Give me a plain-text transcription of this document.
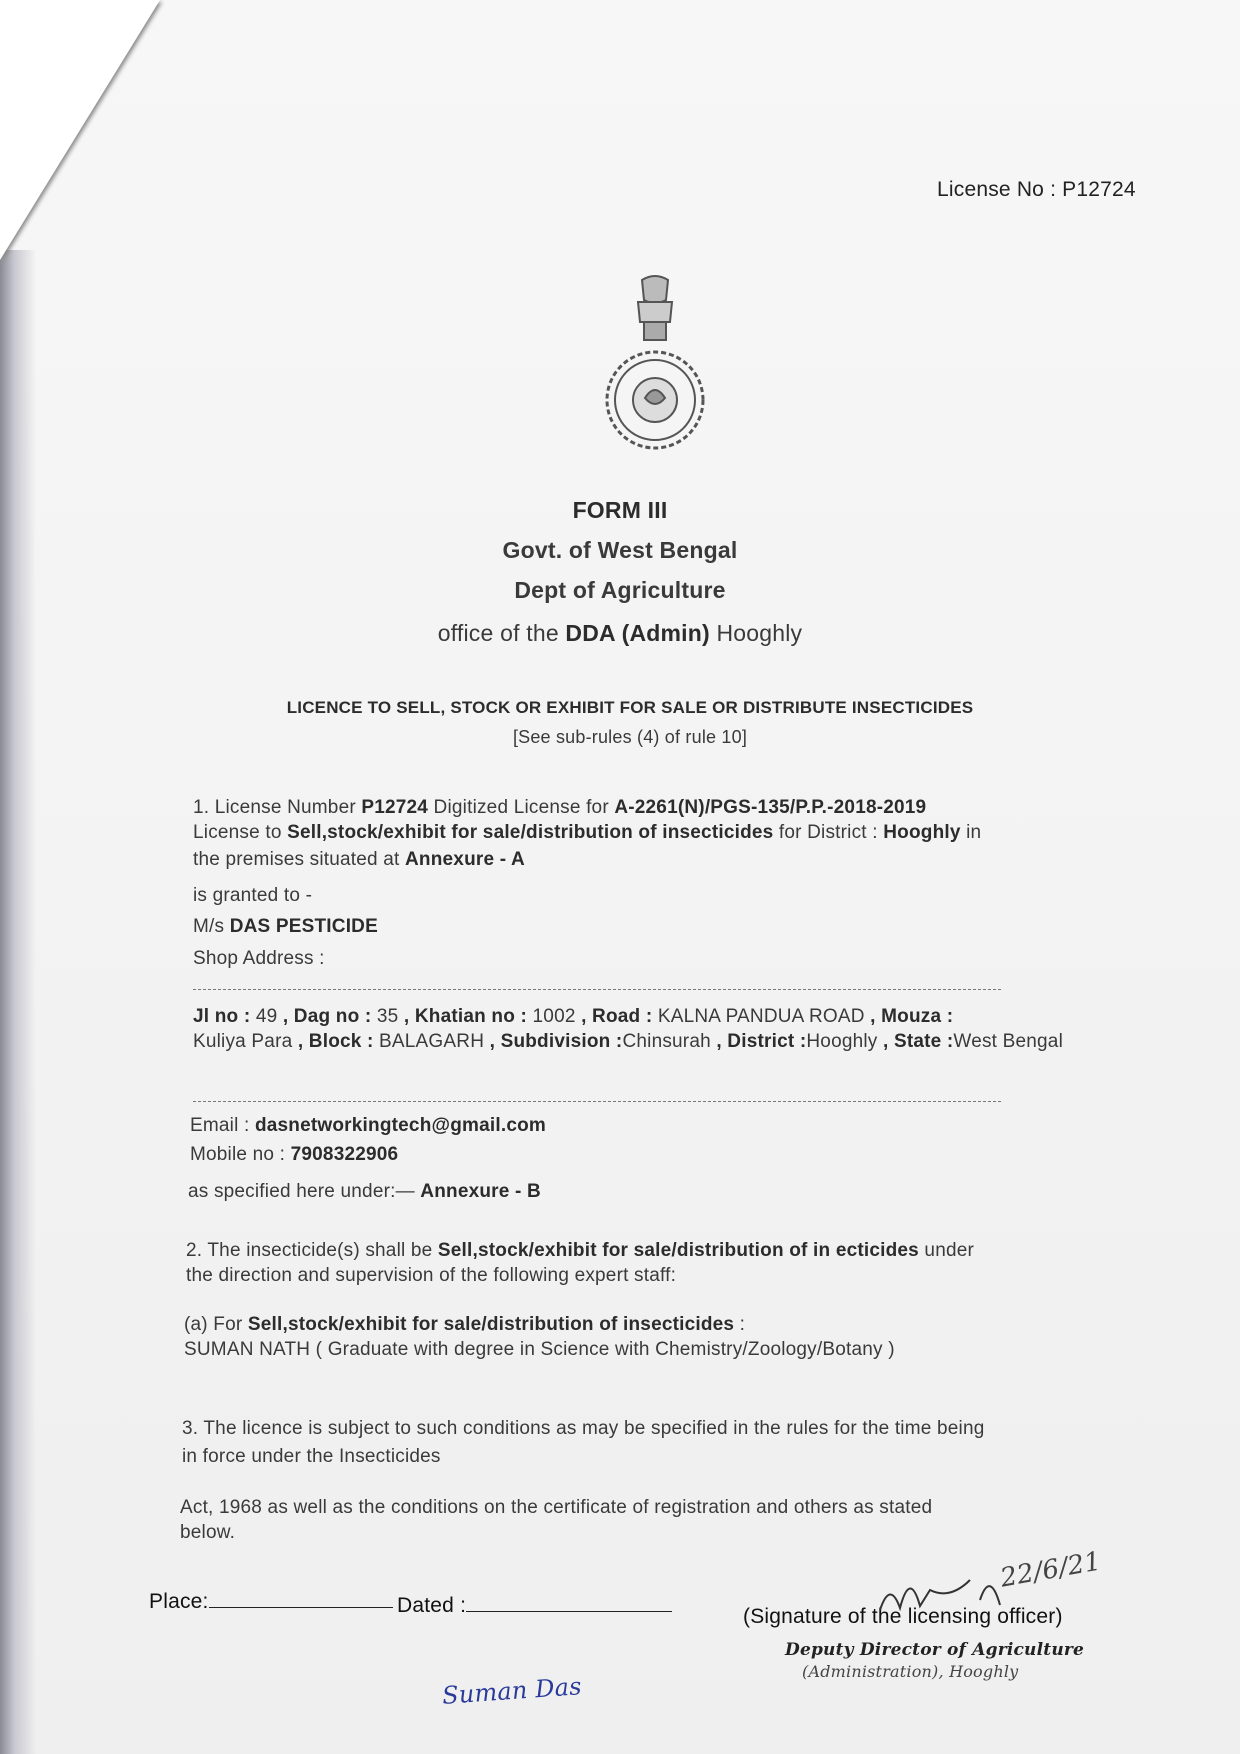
License No : P12724
FORM III
Govt. of West Bengal
Dept of Agriculture
office of the DDA (Admin) Hooghly
LICENCE TO SELL, STOCK OR EXHIBIT FOR SALE OR DISTRIBUTE INSECTICIDES
[See sub-rules (4) of rule 10]
1. License Number P12724 Digitized License for A-2261(N)/PGS-135/P.P.-2018-2019
License to Sell,stock/exhibit for sale/distribution of insecticides for District : Hooghly in
the premises situated at Annexure - A
is granted to -
M/s DAS PESTICIDE
Shop Address :
Jl no : 49 , Dag no : 35 , Khatian no : 1002 , Road : KALNA PANDUA ROAD , Mouza :
Kuliya Para , Block : BALAGARH , Subdivision :Chinsurah , District :Hooghly , State :West Bengal
Email : dasnetworkingtech@gmail.com
Mobile no : 7908322906
as specified here under:— Annexure - B
2. The insecticide(s) shall be Sell,stock/exhibit for sale/distribution of in ecticides under
the direction and supervision of the following expert staff:
(a) For Sell,stock/exhibit for sale/distribution of insecticides :
SUMAN NATH ( Graduate with degree in Science with Chemistry/Zoology/Botany )
3. The licence is subject to such conditions as may be specified in the rules for the time being
in force under the Insecticides
Act, 1968 as well as the conditions on the certificate of registration and others as stated
below.
Place:	Dated :	(Signature of the licensing officer)
Deputy Director of Agriculture
(Administration), Hooghly
22/6/21
Suman Das
